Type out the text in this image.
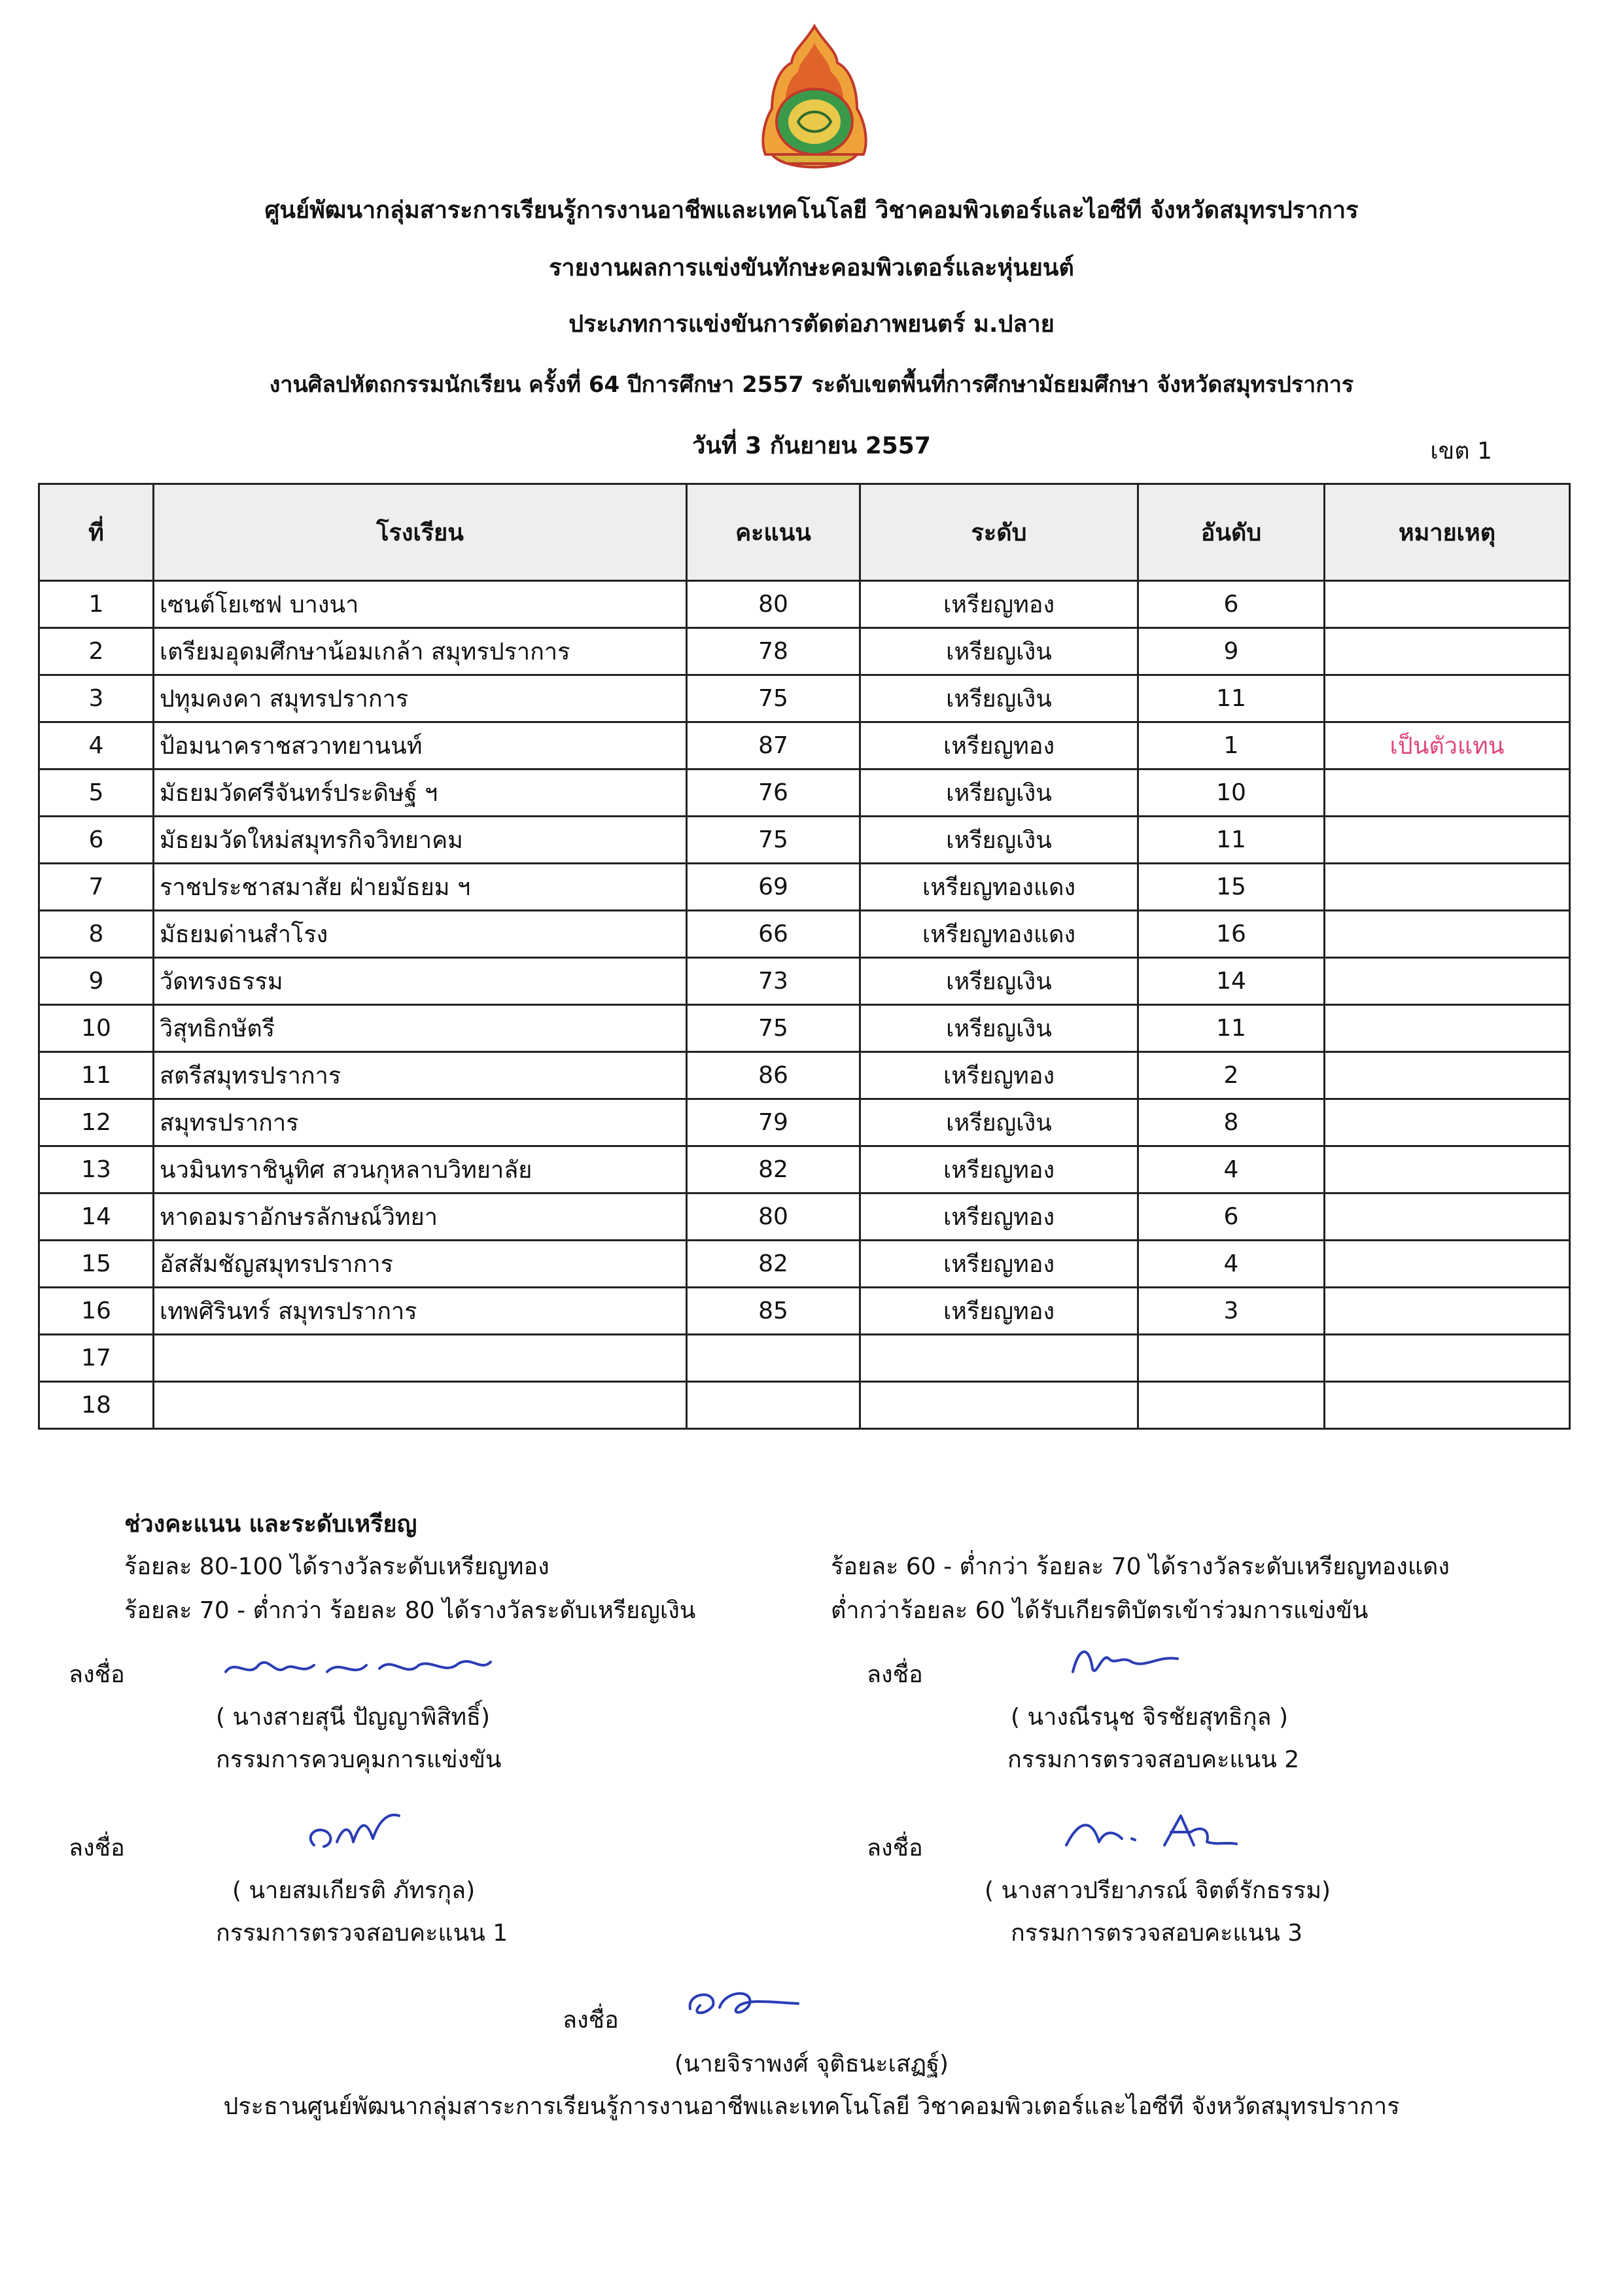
ศูนย์พัฒนากลุ่มสาระการเรียนรู้การงานอาชีพและเทคโนโลยี วิชาคอมพิวเตอร์และไอซีที จังหวัดสมุทรปราการ
รายงานผลการแข่งขันทักษะคอมพิวเตอร์และหุ่นยนต์
ประเภทการแข่งขันการตัดต่อภาพยนตร์ ม.ปลาย
งานศิลปหัตถกรรมนักเรียน ครั้งที่ 64 ปีการศึกษา 2557 ระดับเขตพื้นที่การศึกษามัธยมศึกษา จังหวัดสมุทรปราการ
วันที่ 3 กันยายน 2557	เขต 1
ที่	โรงเรียน	คะแนน	ระดับ	อันดับ	หมายเหตุ
1	เซนต์โยเซฟ บางนา	80	เหรียญทอง	6	
2	เตรียมอุดมศึกษาน้อมเกล้า สมุทรปราการ	78	เหรียญเงิน	9	
3	ปทุมคงคา สมุทรปราการ	75	เหรียญเงิน	11	
4	ป้อมนาคราชสวาทยานนท์	87	เหรียญทอง	1	เป็นตัวแทน
5	มัธยมวัดศรีจันทร์ประดิษฐ์ ฯ	76	เหรียญเงิน	10	
6	มัธยมวัดใหม่สมุทรกิจวิทยาคม	75	เหรียญเงิน	11	
7	ราชประชาสมาสัย ฝ่ายมัธยม ฯ	69	เหรียญทองแดง	15	
8	มัธยมด่านสำโรง	66	เหรียญทองแดง	16	
9	วัดทรงธรรม	73	เหรียญเงิน	14	
10	วิสุทธิกษัตรี	75	เหรียญเงิน	11	
11	สตรีสมุทรปราการ	86	เหรียญทอง	2	
12	สมุทรปราการ	79	เหรียญเงิน	8	
13	นวมินทราชินูทิศ สวนกุหลาบวิทยาลัย	82	เหรียญทอง	4	
14	หาดอมราอักษรลักษณ์วิทยา	80	เหรียญทอง	6	
15	อัสสัมชัญสมุทรปราการ	82	เหรียญทอง	4	
16	เทพศิรินทร์ สมุทรปราการ	85	เหรียญทอง	3	
17					
18					
ช่วงคะแนน และระดับเหรียญ
ร้อยละ 80-100 ได้รางวัลระดับเหรียญทอง
ร้อยละ 70 - ต่ำกว่า ร้อยละ 80 ได้รางวัลระดับเหรียญเงิน
ร้อยละ 60 - ต่ำกว่า ร้อยละ 70 ได้รางวัลระดับเหรียญทองแดง
ต่ำกว่าร้อยละ 60 ได้รับเกียรติบัตรเข้าร่วมการแข่งขัน
ลงชื่อ
( นางสายสุนี ปัญญาพิสิทธิ์)
กรรมการควบคุมการแข่งขัน
ลงชื่อ
( นางณีรนุช จิรชัยสุทธิกุล )
กรรมการตรวจสอบคะแนน 2
ลงชื่อ
( นายสมเกียรติ ภัทรกุล)
กรรมการตรวจสอบคะแนน 1
ลงชื่อ
( นางสาวปรียาภรณ์ จิตต์รักธรรม)
กรรมการตรวจสอบคะแนน 3
ลงชื่อ
(นายจิราพงศ์ จุติธนะเสฏฐ์)
ประธานศูนย์พัฒนากลุ่มสาระการเรียนรู้การงานอาชีพและเทคโนโลยี วิชาคอมพิวเตอร์และไอซีที จังหวัดสมุทรปราการ
